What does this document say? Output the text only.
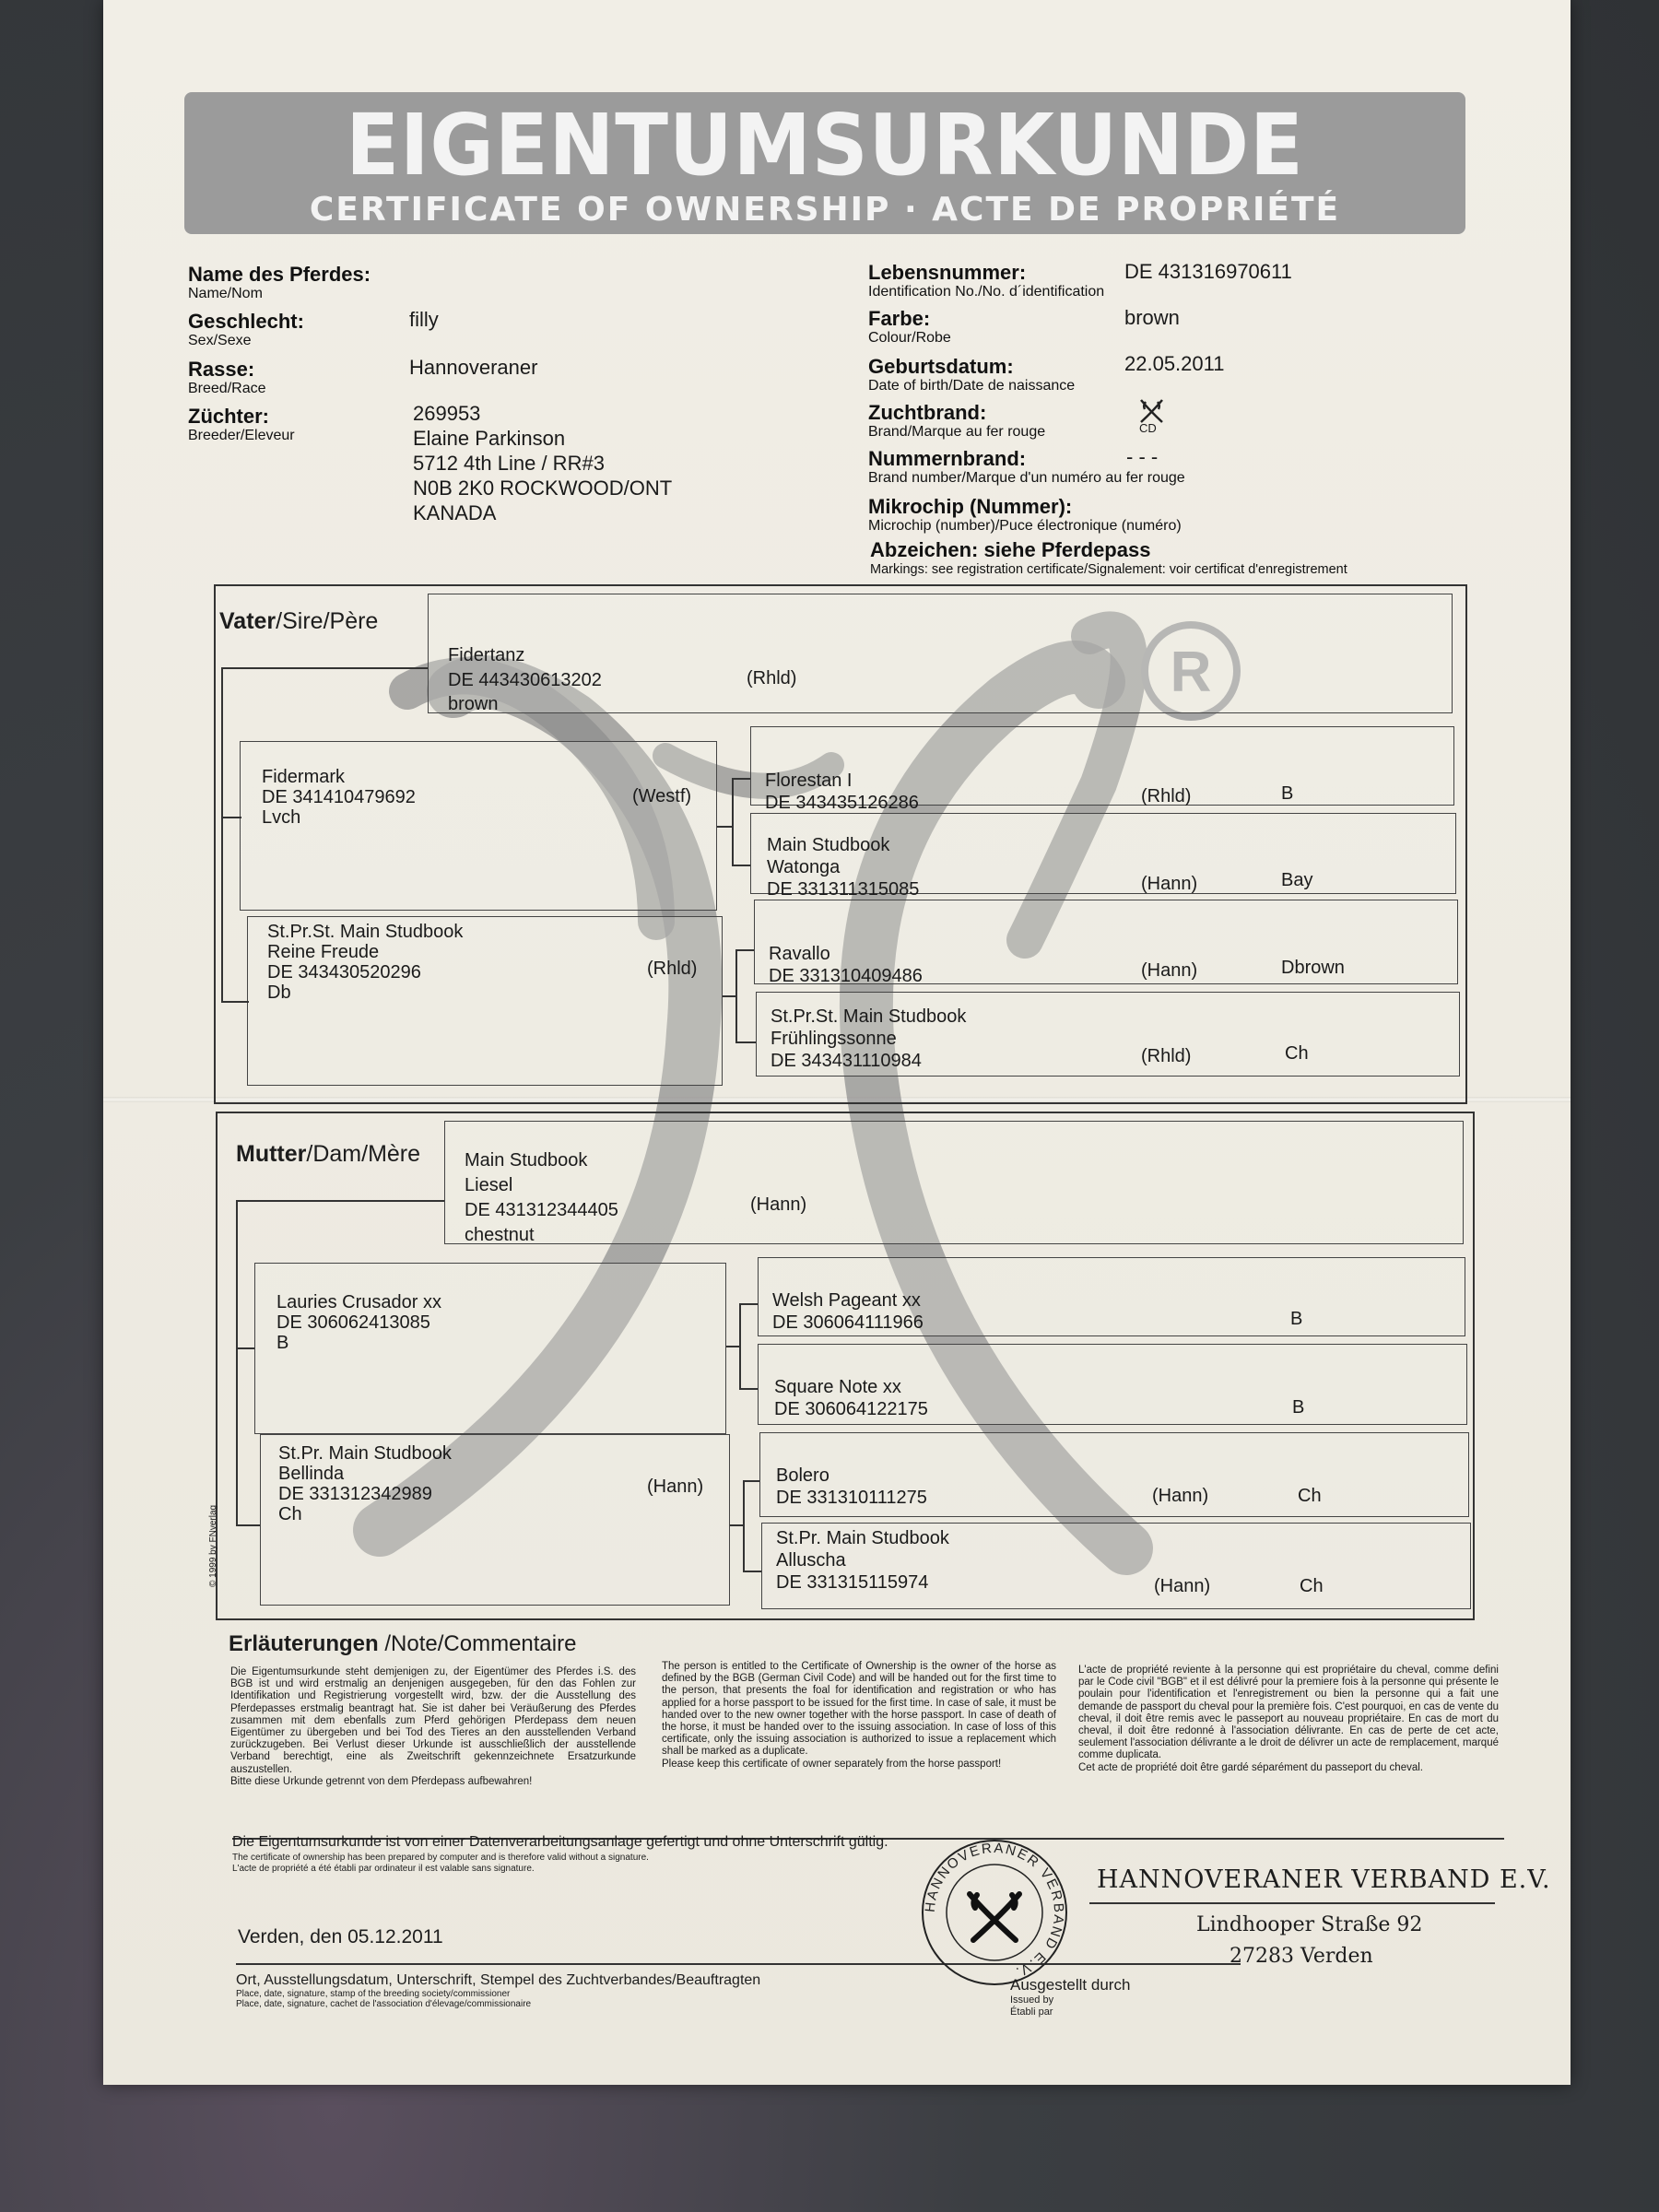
EIGENTUMSURKUNDE
CERTIFICATE OF OWNERSHIP · ACTE DE PROPRIÉTÉ
Name des Pferdes:
Name/Nom
Geschlecht:
Sex/Sexe
filly
Rasse:
Breed/Race
Hannoveraner
Züchter:
Breeder/Eleveur
269953
Elaine Parkinson
5712 4th Line / RR#3
N0B 2K0 ROCKWOOD/ONT
KANADA
Lebensnummer:
Identification No./No. d´identification
DE 431316970611
Farbe:
Colour/Robe
brown
Geburtsdatum:
Date of birth/Date de naissance
22.05.2011
Zuchtbrand:
Brand/Marque au fer rouge	CD
Nummernbrand:
Brand number/Marque d'un numéro au fer rouge
- - -
Mikrochip (Nummer):
Microchip (number)/Puce électronique (numéro)
Abzeichen: siehe Pferdepass
Markings: see registration certificate/Signalement: voir certificat d'enregistrement
R
Vater/Sire/Père
Fidertanz
DE 443430613202
brown
(Rhld)
Fidermark
DE 341410479692
Lvch
(Westf)
St.Pr.St. Main Studbook
Reine Freude
DE 343430520296
Db
(Rhld)
Florestan I
DE 343435126286	(Rhld)	B
Main Studbook
Watonga
DE 331311315085	(Hann)	Bay
Ravallo
DE 331310409486	(Hann)	Dbrown
St.Pr.St. Main Studbook
Frühlingssonne
DE 343431110984	(Rhld)	Ch
Mutter/Dam/Mère Main Studbook
Liesel
DE 431312344405
chestnut
(Hann)
Lauries Crusador xx
DE 306062413085
B
St.Pr. Main Studbook
Bellinda
DE 331312342989
Ch
(Hann)
Welsh Pageant xx
DE 306064111966	B
Square Note xx
DE 306064122175	B
Bolero
DE 331310111275	(Hann)	Ch
St.Pr. Main Studbook
Alluscha
DE 331315115974	(Hann)	Ch
© 1999 by FNverlag
Erläuterungen /Note/Commentaire
Die Eigentumsurkunde steht demjenigen zu, der Eigentümer des Pferdes i.S. des BGB ist und wird erstmalig an denjenigen ausgegeben, für den das Fohlen zur Identifikation und Registrierung vorgestellt wird, bzw. der die Ausstellung des Pferdepasses erstmalig beantragt hat. Sie ist daher bei Veräußerung des Pferdes zusammen mit dem ebenfalls zum Pferd gehörigen Pferdepass dem neuen Eigentümer zu übergeben und bei Tod des Tieres an den ausstellenden Verband zurückzugeben. Bei Verlust dieser Urkunde ist ausschließlich der ausstellende Verband berechtigt, eine als Zweitschrift gekennzeichnete Ersatzurkunde auszustellen.
Bitte diese Urkunde getrennt von dem Pferdepass aufbewahren!
The person is entitled to the Certificate of Ownership is the owner of the horse as defined by the BGB (German Civil Code) and will be handed out for the first time to the person, that presents the foal for identification and registration or who has applied for a horse passport to be issued for the first time. In case of sale, it must be handed over to the new owner together with the horse passport. In case of death of the horse, it must be handed over to the issuing association. In case of loss of this certificate, only the issuing association is authorized to issue a replacement which shall be marked as a duplicate.
Please keep this certificate of owner separately from the horse passport!
L'acte de propriété reviente à la personne qui est propriétaire du cheval, comme defini par le Code civil "BGB" et il est délivré pour la premiere fois à la personne qui présente le poulain pour l'identification et l'enregistrement ou bien la personne qui a fait une demande de passport du cheval pour la première fois. C'est pourquoi, en cas de vente du cheval, il doit être remis avec le passeport au nouveau propriétaire. En cas de mort du cheval, il doit être redonné à l'association délivrante. En cas de perte de cet acte, seulement l'association délivrante a le droit de délivrer un acte de remplacement, marqué comme duplicata.
Cet acte de propriété doit être gardé séparément du passeport du cheval.
Die Eigentumsurkunde ist von einer Datenverarbeitungsanlage gefertigt und ohne Unterschrift gültig.
The certificate of ownership has been prepared by computer and is therefore valid without a signature.
L'acte de propriété a été établi par ordinateur il est valable sans signature.
Verden, den 05.12.2011
Ort, Ausstellungsdatum, Unterschrift, Stempel des Zuchtverbandes/Beauftragten
Place, date, signature, stamp of the breeding society/commissioner
Place, date, signature, cachet de l'association d'élevage/commissionaire
HANNOVERANER VERBAND E.V.
HANNOVERANER VERBAND E.V.
Lindhooper Straße 92
27283 Verden
Ausgestellt durch
Issued by
Établi par
